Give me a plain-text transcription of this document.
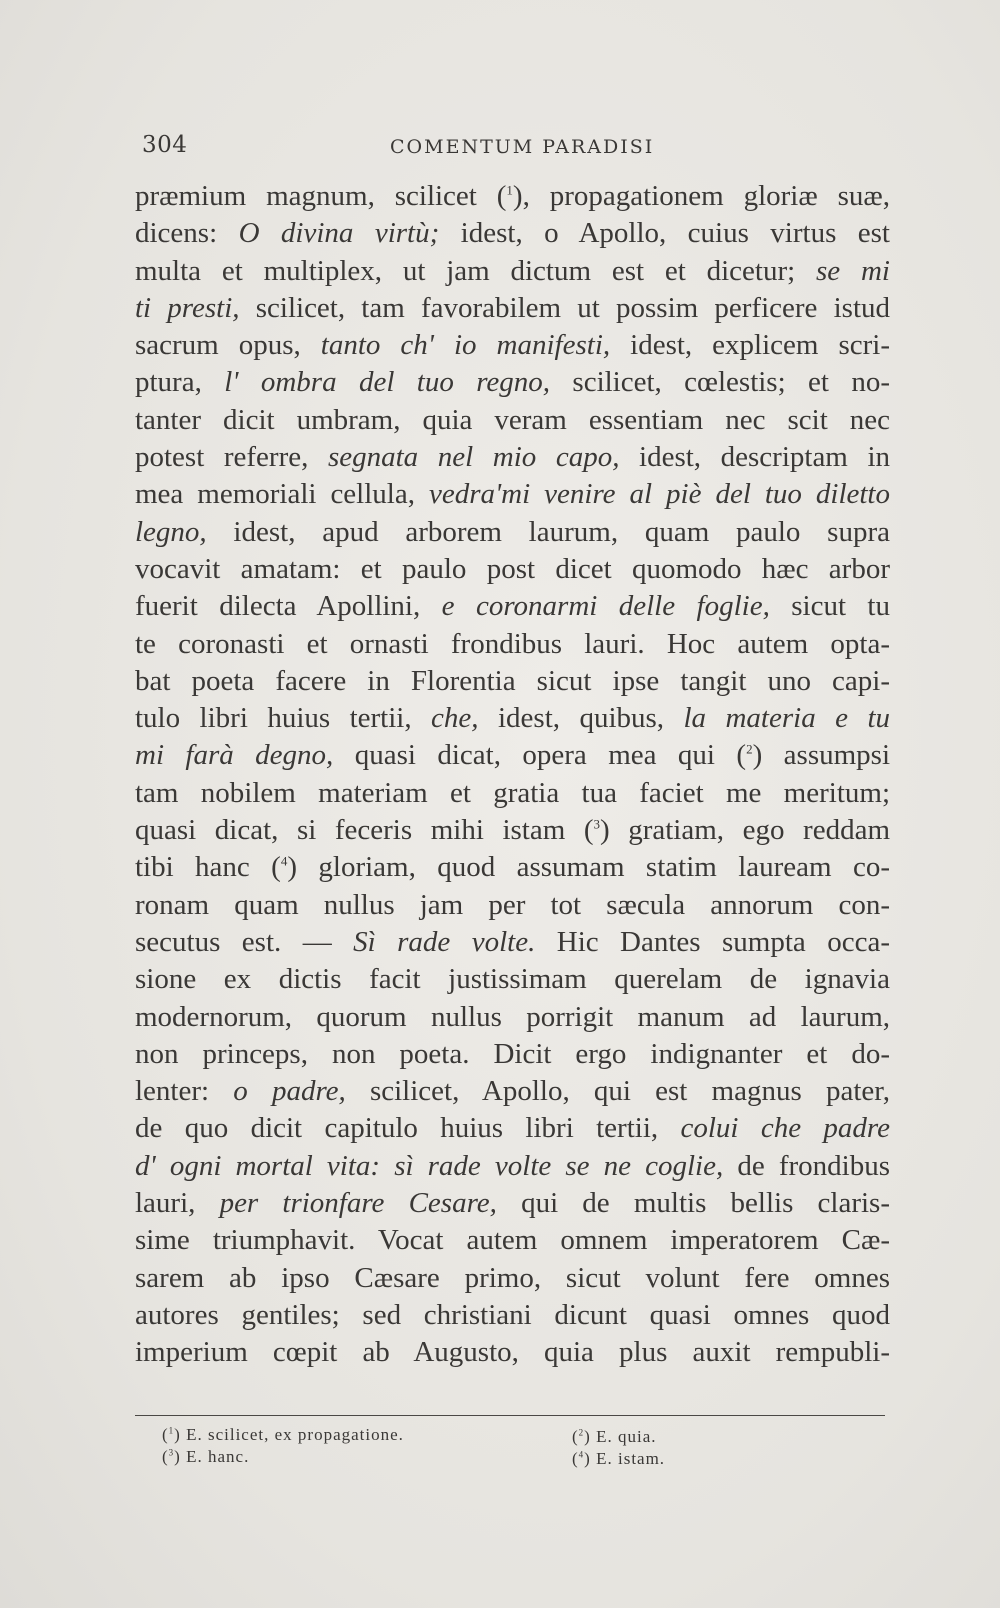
304	COMENTUM PARADISI
præmium magnum, scilicet ($^1$), propagationem gloriæ suæ,
dicens: O divina virtù; idest, o Apollo, cuius virtus est
multa et multiplex, ut jam dictum est et dicetur; se mi
ti presti, scilicet, tam favorabilem ut possim perficere istud
sacrum opus, tanto ch' io manifesti, idest, explicem scri-
ptura, l' ombra del tuo regno, scilicet, cœlestis; et no-
tanter dicit umbram, quia veram essentiam nec scit nec
potest referre, segnata nel mio capo, idest, descriptam in
mea memoriali cellula, vedra'mi venire al piè del tuo diletto
legno, idest, apud arborem laurum, quam paulo supra
vocavit amatam: et paulo post dicet quomodo hæc arbor
fuerit dilecta Apollini, e coronarmi delle foglie, sicut tu
te coronasti et ornasti frondibus lauri. Hoc autem opta-
bat poeta facere in Florentia sicut ipse tangit uno capi-
tulo libri huius tertii, che, idest, quibus, la materia e tu
mi farà degno, quasi dicat, opera mea qui ($^2$) assumpsi
tam nobilem materiam et gratia tua faciet me meritum;
quasi dicat, si feceris mihi istam ($^3$) gratiam, ego reddam
tibi hanc ($^4$) gloriam, quod assumam statim lauream co-
ronam quam nullus jam per tot sæcula annorum con-
secutus est. — Sì rade volte. Hic Dantes sumpta occa-
sione ex dictis facit justissimam querelam de ignavia
modernorum, quorum nullus porrigit manum ad laurum,
non princeps, non poeta. Dicit ergo indignanter et do-
lenter: o padre, scilicet, Apollo, qui est magnus pater,
de quo dicit capitulo huius libri tertii, colui che padre
d' ogni mortal vita: sì rade volte se ne coglie, de frondibus
lauri, per trionfare Cesare, qui de multis bellis claris-
sime triumphavit. Vocat autem omnem imperatorem Cæ-
sarem ab ipso Cæsare primo, sicut volunt fere omnes
autores gentiles; sed christiani dicunt quasi omnes quod
imperium cœpit ab Augusto, quia plus auxit rempubli-
($^1$) E. scilicet, ex propagatione.	($^2$) E. quia.
($^3$) E. hanc.	($^4$) E. istam.
